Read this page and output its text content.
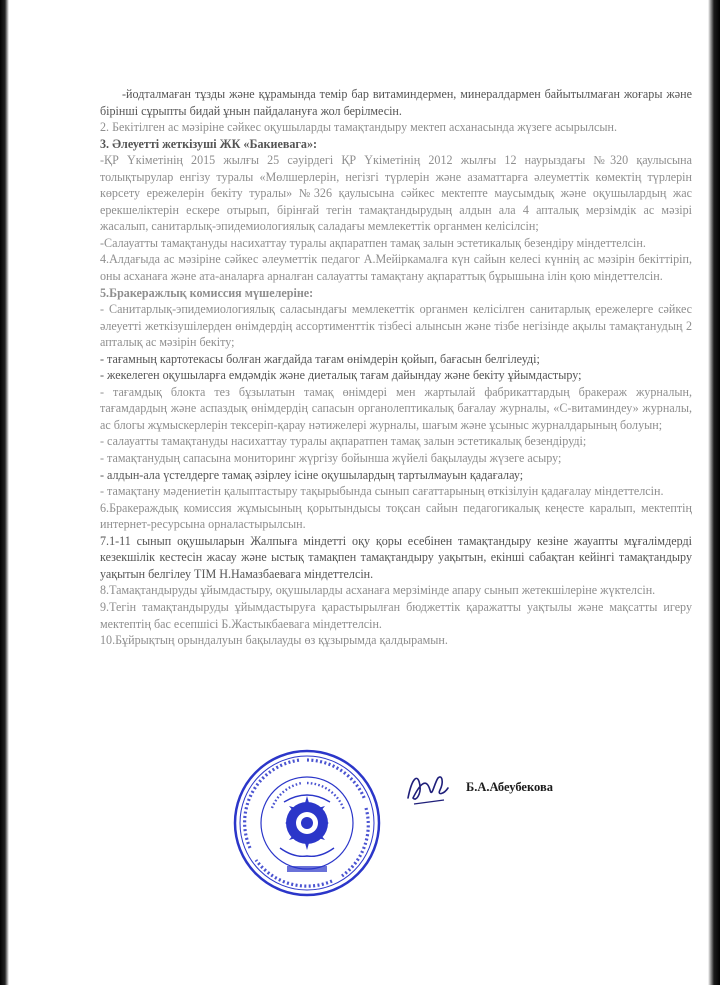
-йодталмаған тұзды және құрамында темір бар витаминдермен, минералдармен байытылмаған жоғары және бірінші сұрыпты бидай ұнын пайдалануға жол берілмесін.

2. Бекітілген ас мәзіріне сәйкес оқушыларды тамақтандыру мектеп асханасында жүзеге асырылсын.

3. Әлеуетті жеткізуші ЖК «Бакиевага»:

-ҚР Үкіметінің 2015 жылғы 25 сәуірдегі ҚР Үкіметінің 2012 жылғы 12 наурыздағы №320 қаулысына толықтырулар енгізу туралы «Мөлшерлерін, негізгі түрлерін және азаматтарға әлеуметтік көмектің түрлерін көрсету ережелерін бекіту туралы» №326 қаулысына сәйкес мектепте маусымдық және оқушылардың жас ерекшеліктерін ескере отырып, бірінғай тегін тамақтандырудың алдын ала 4 апталық мерзімдік ас мәзірі жасалып, санитарлық-эпидемиологиялық саладағы мемлекеттік органмен келісілсін;

-Салауатты тамақтануды насихаттау туралы ақпаратпен тамақ залын эстетикалық безендіру міндеттелсін.

4.Алдағыда ас мәзіріне сәйкес әлеуметтік педагог А.Мейіркамалға күн сайын келесі күннің ас мәзірін бекіттіріп, оны асханаға және ата-аналарға арналған салауатты тамақтану ақпараттық бұрышына ілін қою міндеттелсін.

5.Бракеражлық комиссия мүшелеріне:

- Санитарлық-эпидемиологиялық саласындағы мемлекеттік органмен келісілген санитарлық ережелерге сәйкес әлеуетті жеткізушілерден өнімдердің ассортименттік тізбесі алынсын және тізбе негізінде ақылы тамақтанудың 2 апталық ас мәзірін бекіту;

- тағамның картотекасы болған жағдайда тағам өнімдерін қойып, бағасын белгілеуді;

- жекелеген оқушыларға емдәмдік және диеталық тағам дайындау және бекіту ұйымдастыру;

- тағамдық блокта тез бұзылатын тамақ өнімдері мен жартылай фабрикаттардың бракераж журналын, тағамдардың және аспаздық өнімдердің сапасын органолептикалық бағалау журналы, «С-витаминдеу» журналы, ас блогы жұмыскерлерін тексеріп-қарау нәтижелері журналы, шағым және ұсыныс журналдарының болуын;

- салауатты тамақтануды насихаттау туралы ақпаратпен тамақ залын эстетикалық безендіруді;

- тамақтанудың сапасына мониторинг жүргізу бойынша жүйелі бақылауды жүзеге асыру;

- алдын-ала үстелдерге тамақ әзірлеу ісіне оқушылардың тартылмауын қадағалау;

- тамақтану мәдениетін қалыптастыру тақырыбында сынып сағаттарының өткізілуін қадағалау міндеттелсін.

6.Бракераждық комиссия жұмысының қорытындысы тоқсан сайын педагогикалық кеңесте каралып, мектептің интернет-ресурсына орналастырылсын.

7.1-11 сынып оқушыларын Жалпыға міндетті оқу қоры есебінен тамақтандыру кезіне жауапты мұғалімдерді кезекшілік кестесін жасау және ыстық тамақпен тамақтандыру уақытын, екінші сабақтан кейінгі тамақтандыру уақытын белгілеу ТІМ Н.Намазбаевага міндеттелсін.

8.Тамақтандыруды ұйымдастыру, оқушыларды асханаға мерзімінде апару сынып жетекшілеріне жүктелсін.

9.Тегін тамақтандыруды ұйымдастыруға қарастырылған бюджеттік қаражатты уақтылы және мақсатты игеру мектептің бас есепшісі Б.Жастыкбаевага міндеттелсін.

10.Бұйрықтың орындалуын бақылауды өз құзырымда қалдырамын.

Б.А.Абеубекова
